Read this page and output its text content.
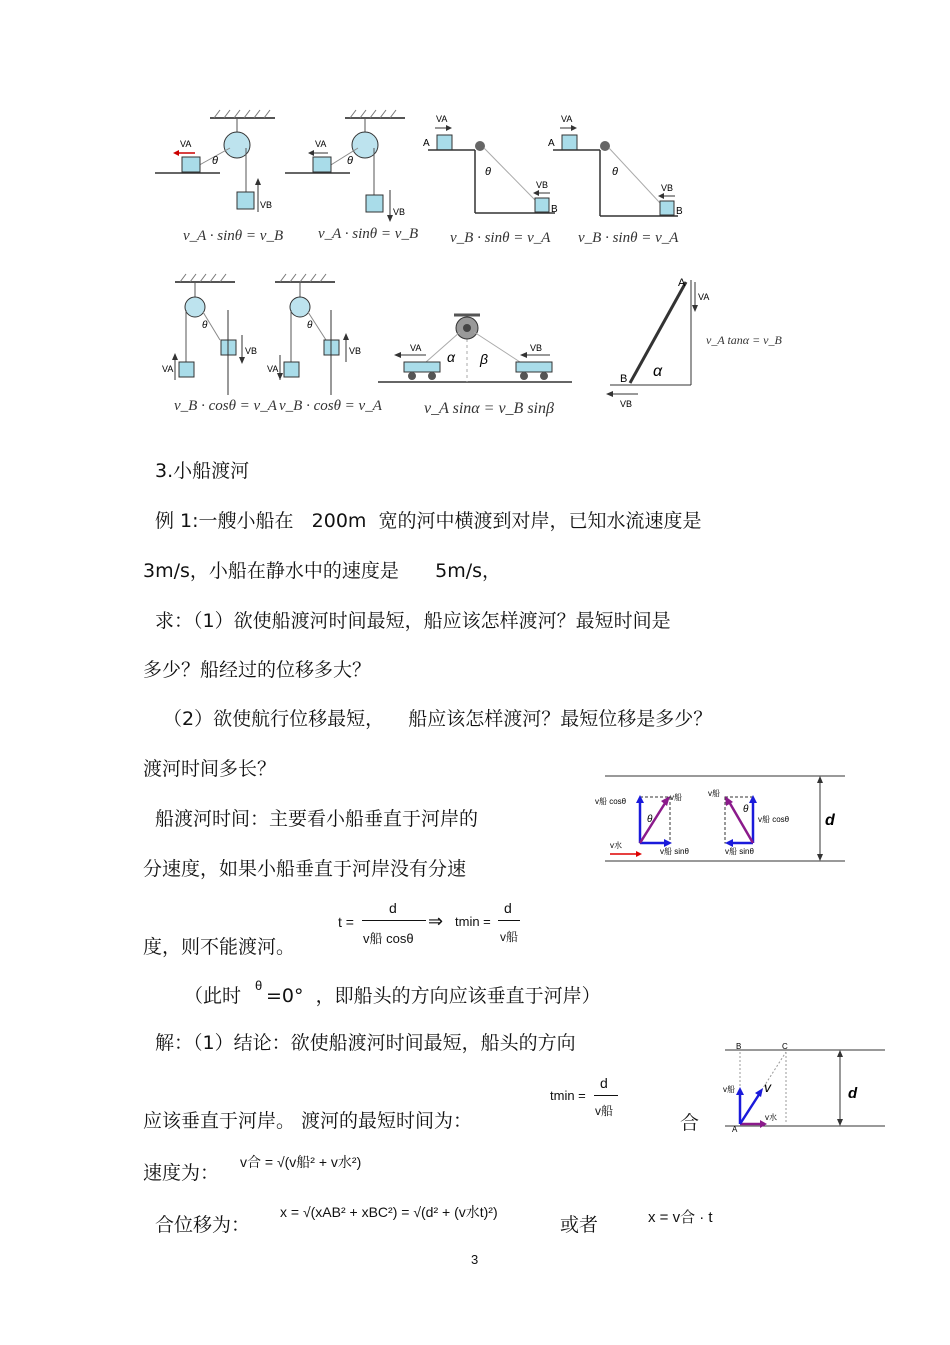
VA
θ
VB
VA
θ
VB
A
B
θ
VA
VB
A
B
θ
VA
VB
v_A · sinθ = v_B v_A · sinθ = v_B v_B · sinθ = v_A v_B · sinθ = v_A
θ
VA
VB
θ
VA
VB	α β
VA	VB
A
B α
VA
VB
v_B · cosθ = v_A v_B · cosθ = v_A	v_A sinα = v_B sinβ
v_A tanα = v_B
3.小船渡河
例 1:一艘小船在   200m  宽的河中横渡到对岸，已知水流速度是
3m/s，小船在静水中的速度是      5m/s，
求：（1）欲使船渡河时间最短，船应该怎样渡河？最短时间是
多少？船经过的位移多大？
（2）欲使航行位移最短，    船应该怎样渡河？最短位移是多少？
渡河时间多长？
船渡河时间：主要看小船垂直于河岸的
分速度，如果小船垂直于河岸没有分速
度，则不能渡河。
（此时 θ =0°  ，即船头的方向应该垂直于河岸）
d
θ
v船 cosθ	v船
v船 sinθ
v水
θ
v船
v船 cosθ
v船 sinθ
t =
d
v船 cosθ
⇒ tmin =
d
v船
解：（1）结论：欲使船渡河时间最短，船头的方向
应该垂直于河岸。 渡河的最短时间为：	合
速度为：
合位移为：	或者
tmin =
d
v船
v合 = √(v船² + v水²)
x = √(xAB² + xBC²) = √(d² + (v水t)²)	x = v合 · t
d
B	C
A
v船 v
v水
3
